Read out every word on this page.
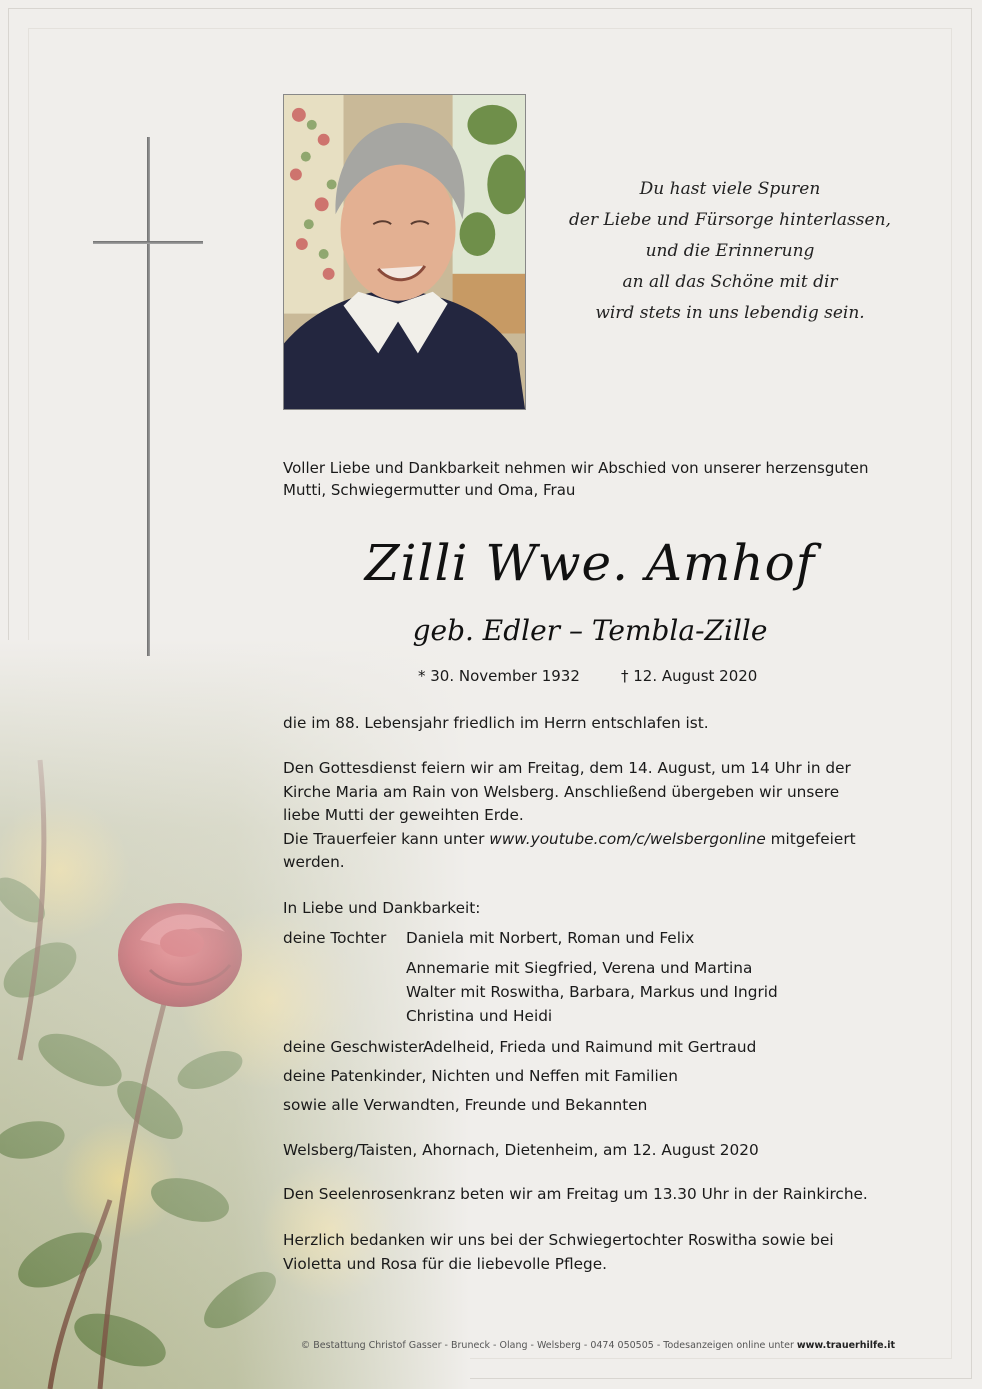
Du hast viele Spuren
der Liebe und Fürsorge hinterlassen,
und die Erinnerung
an all das Schöne mit dir
wird stets in uns lebendig sein.
Voller Liebe und Dankbarkeit nehmen wir Abschied von unserer herzensguten
Mutti, Schwiegermutter und Oma, Frau
Zilli Wwe. Amhof
geb. Edler – Tembla-Zille
* 30. November 1932	† 12. August 2020
die im 88. Lebensjahr friedlich im Herrn entschlafen ist.
Den Gottesdienst feiern wir am Freitag, dem 14. August, um 14 Uhr in der
Kirche Maria am Rain von Welsberg. Anschließend übergeben wir unsere
liebe Mutti der geweihten Erde.
Die Trauerfeier kann unter www.youtube.com/c/welsbergonline mitgefeiert
werden.
In Liebe und Dankbarkeit:
deine Tochter Daniela mit Norbert, Roman und Felix
Annemarie mit Siegfried, Verena und Martina
Walter mit Roswitha, Barbara, Markus und Ingrid
Christina und Heidi
deine Geschwister
Adelheid, Frieda und Raimund mit Gertraud
deine Patenkinder, Nichten und Neffen mit Familien
sowie alle Verwandten, Freunde und Bekannten
Welsberg/Taisten, Ahornach, Dietenheim, am 12. August 2020
Den Seelenrosenkranz beten wir am Freitag um 13.30 Uhr in der Rainkirche.
Herzlich bedanken wir uns bei der Schwiegertochter Roswitha sowie bei
Violetta und Rosa für die liebevolle Pflege.
© Bestattung Christof Gasser - Bruneck - Olang - Welsberg - 0474 050505 - Todesanzeigen online unter www.trauerhilfe.it
